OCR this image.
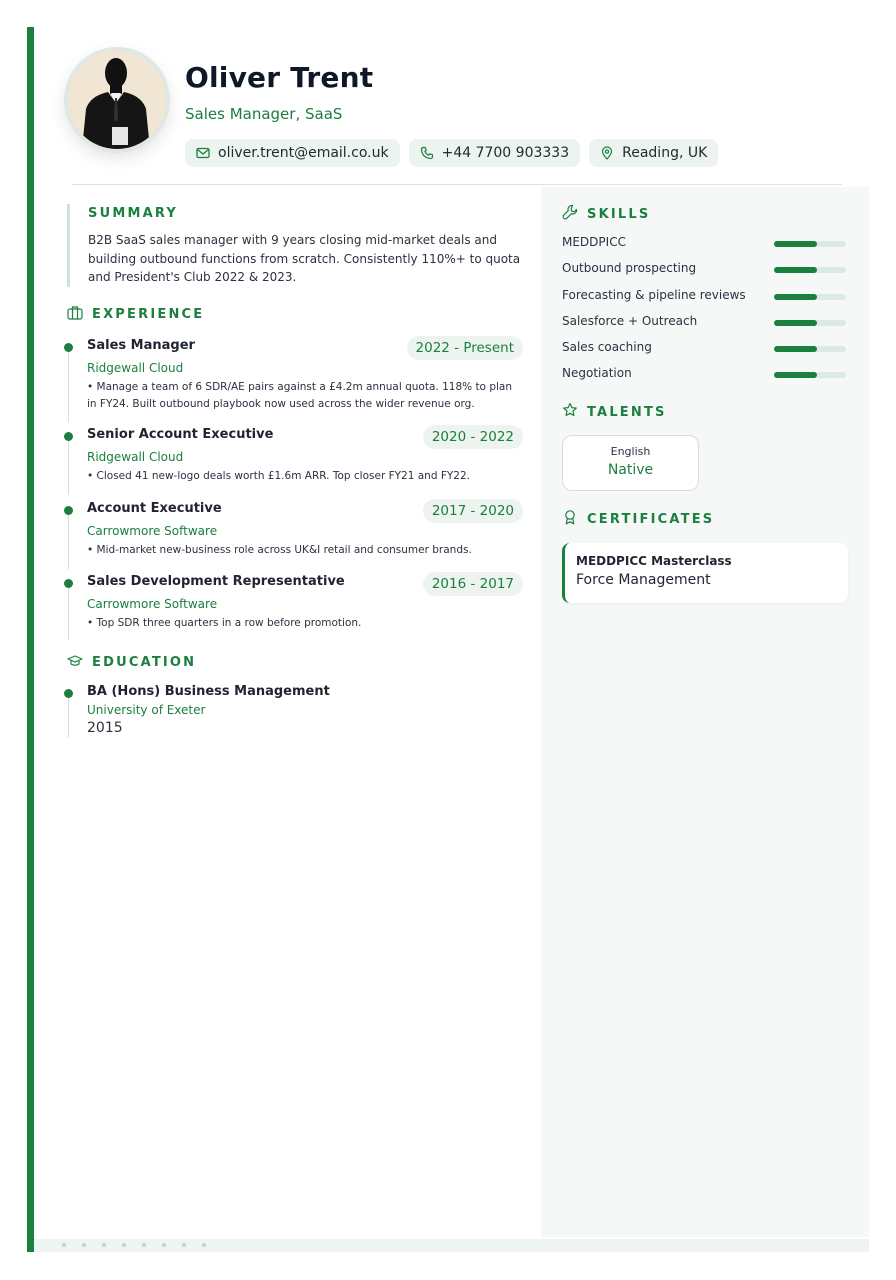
Oliver Trent
Sales Manager, SaaS
oliver.trent@email.co.uk	+44 7700 903333	Reading, UK
SUMMARY

B2B SaaS sales manager with 9 years closing mid-market deals and building outbound functions from scratch. Consistently 110%+ to quota and President's Club 2022 & 2023.

EXPERIENCE
Sales Manager	2022 - Present
Ridgewall Cloud
• Manage a team of 6 SDR/AE pairs against a £4.2m annual quota. 118% to plan in FY24. Built outbound playbook now used across the wider revenue org.
Senior Account Executive	2020 - 2022
Ridgewall Cloud
• Closed 41 new-logo deals worth £1.6m ARR. Top closer FY21 and FY22.
Account Executive	2017 - 2020
Carrowmore Software
• Mid-market new-business role across UK&I retail and consumer brands.
Sales Development Representative	2016 - 2017
Carrowmore Software
• Top SDR three quarters in a row before promotion.
EDUCATION
BA (Hons) Business Management
University of Exeter
2015
SKILLS
MEDDPICC
Outbound prospecting
Forecasting & pipeline reviews
Salesforce + Outreach
Sales coaching
Negotiation
TALENTS
English
Native
CERTIFICATES
MEDDPICC Masterclass
Force Management
